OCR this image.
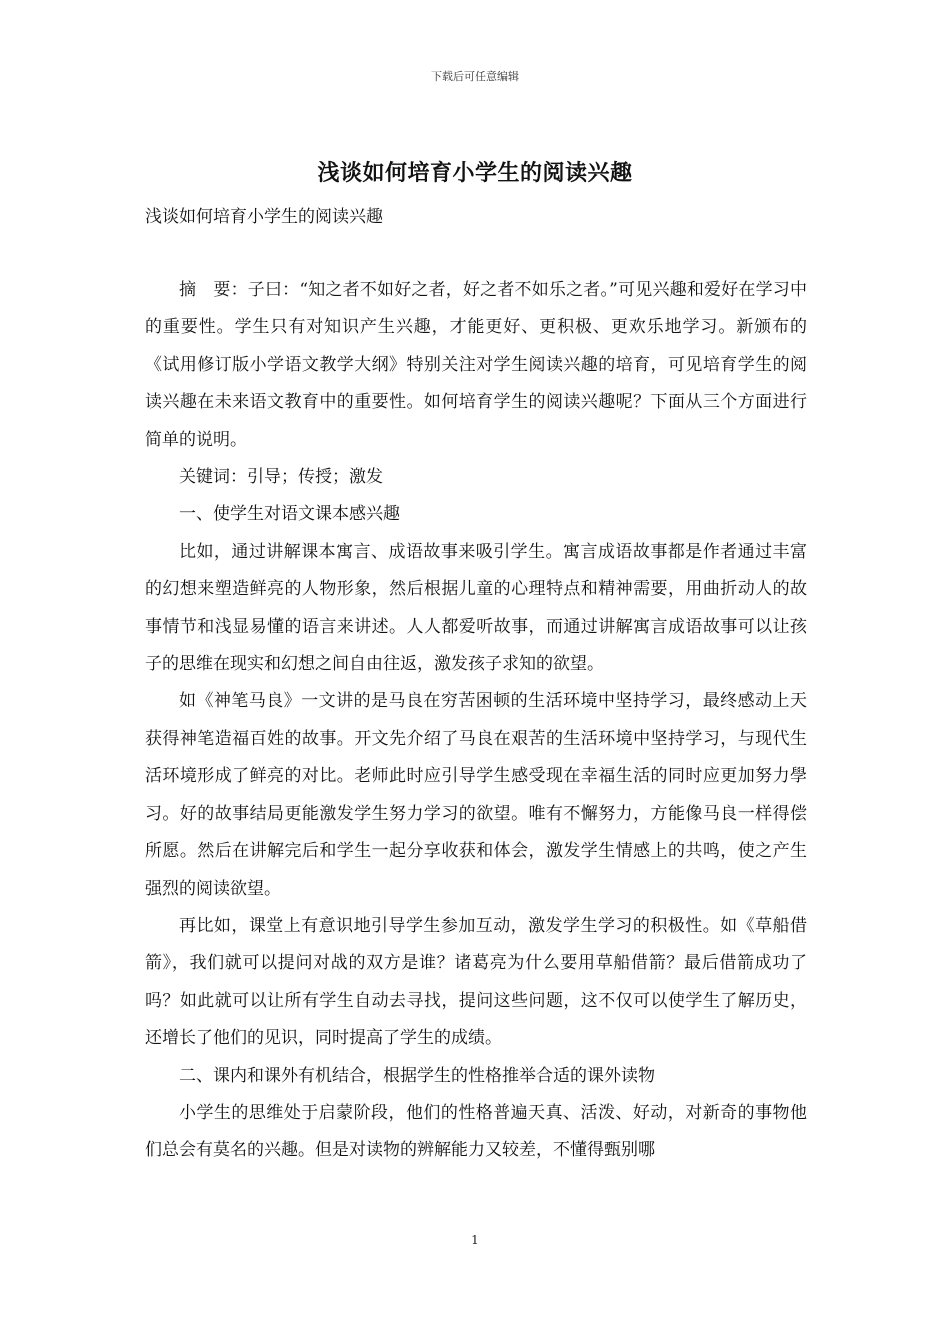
下载后可任意编辑
浅谈如何培育小学生的阅读兴趣
浅谈如何培育小学生的阅读兴趣

摘　要：子曰：“知之者不如好之者，好之者不如乐之者。”可见兴趣和爱好在学习中的重要性。学生只有对知识产生兴趣，才能更好、更积极、更欢乐地学习。新颁布的《试用修订版小学语文教学大纲》特别关注对学生阅读兴趣的培育，可见培育学生的阅读兴趣在未来语文教育中的重要性。如何培育学生的阅读兴趣呢？下面从三个方面进行简单的说明。

关键词：引导；传授；激发

一、使学生对语文课本感兴趣

比如，通过讲解课本寓言、成语故事来吸引学生。寓言成语故事都是作者通过丰富的幻想来塑造鲜亮的人物形象，然后根据儿童的心理特点和精神需要，用曲折动人的故事情节和浅显易懂的语言来讲述。人人都爱听故事，而通过讲解寓言成语故事可以让孩子的思维在现实和幻想之间自由往返，激发孩子求知的欲望。

如《神笔马良》一文讲的是马良在穷苦困顿的生活环境中坚持学习，最终感动上天获得神笔造福百姓的故事。开文先介绍了马良在艰苦的生活环境中坚持学习，与现代生活环境形成了鲜亮的对比。老师此时应引导学生感受现在幸福生活的同时应更加努力學习。好的故事结局更能激发学生努力学习的欲望。唯有不懈努力，方能像马良一样得偿所愿。然后在讲解完后和学生一起分享收获和体会，激发学生情感上的共鸣，使之产生强烈的阅读欲望。

再比如，课堂上有意识地引导学生参加互动，激发学生学习的积极性。如《草船借箭》，我们就可以提问对战的双方是谁？诸葛亮为什么要用草船借箭？最后借箭成功了吗？如此就可以让所有学生自动去寻找，提问这些问题，这不仅可以使学生了解历史，还增长了他们的见识，同时提高了学生的成绩。

二、课内和课外有机结合，根据学生的性格推举合适的课外读物

小学生的思维处于启蒙阶段，他们的性格普遍天真、活泼、好动，对新奇的事物他们总会有莫名的兴趣。但是对读物的辨解能力又较差，不懂得甄别哪

1
